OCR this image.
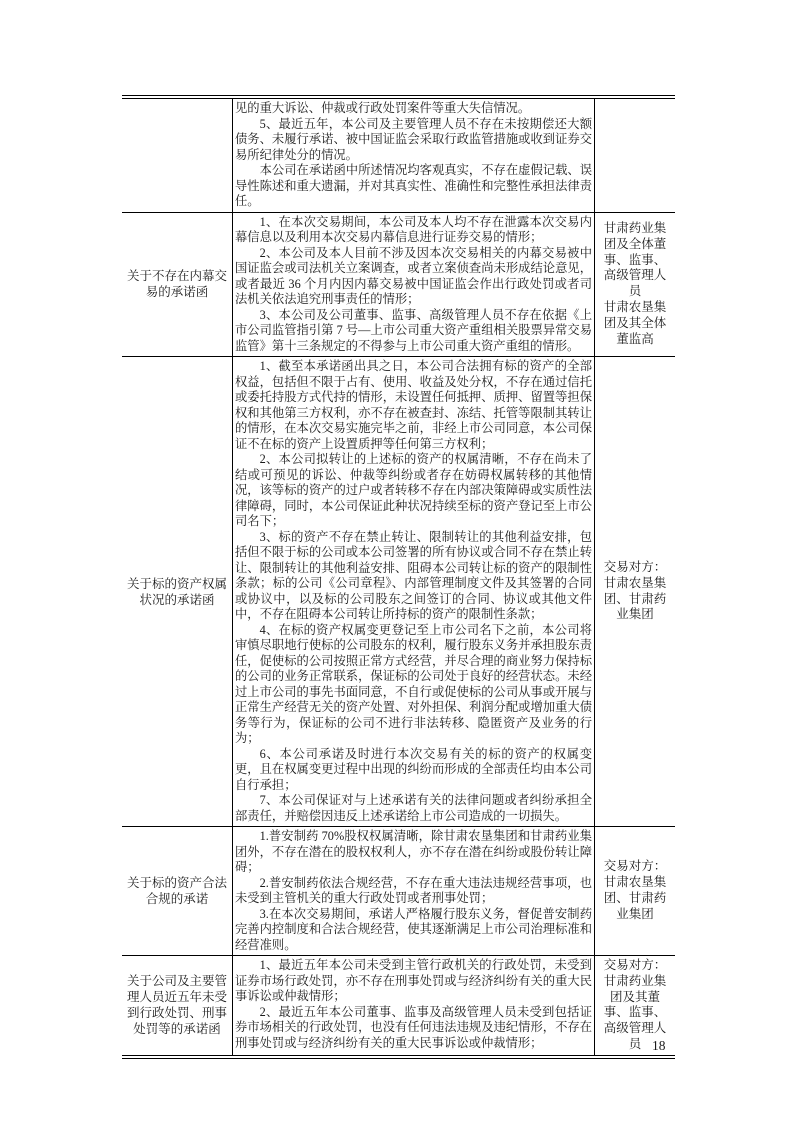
见的重大诉讼、仲裁或行政处罚案件等重大失信情况。
5、最近五年，本公司及主要管理人员不存在未按期偿还大额债务、未履行承诺、被中国证监会采取行政监管措施或收到证券交易所纪律处分的情况。
本公司在承诺函中所述情况均客观真实，不存在虚假记载、误导性陈述和重大遗漏，并对其真实性、准确性和完整性承担法律责任。
关于不存在内幕交
易的承诺函
1、在本次交易期间，本公司及本人均不存在泄露本次交易内幕信息以及利用本次交易内幕信息进行证券交易的情形；
2、本公司及本人目前不涉及因本次交易相关的内幕交易被中国证监会或司法机关立案调查，或者立案侦查尚未形成结论意见，或者最近 36 个月内因内幕交易被中国证监会作出行政处罚或者司法机关依法追究刑事责任的情形；
3、本公司及公司董事、监事、高级管理人员不存在依据《上市公司监管指引第 7 号—上市公司重大资产重组相关股票异常交易监管》第十三条规定的不得参与上市公司重大资产重组的情形。
甘肃药业集
团及全体董
事、监事、
高级管理人
员
甘肃农垦集
团及其全体
董监高
关于标的资产权属
状况的承诺函
1、截至本承诺函出具之日，本公司合法拥有标的资产的全部权益，包括但不限于占有、使用、收益及处分权，不存在通过信托或委托持股方式代持的情形，未设置任何抵押、质押、留置等担保权和其他第三方权利，亦不存在被查封、冻结、托管等限制其转让的情形，在本次交易实施完毕之前，非经上市公司同意，本公司保证不在标的资产上设置质押等任何第三方权利；
2、本公司拟转让的上述标的资产的权属清晰，不存在尚未了结或可预见的诉讼、仲裁等纠纷或者存在妨碍权属转移的其他情况，该等标的资产的过户或者转移不存在内部决策障碍或实质性法律障碍，同时，本公司保证此种状况持续至标的资产登记至上市公司名下；
3、标的资产不存在禁止转让、限制转让的其他利益安排，包括但不限于标的公司或本公司签署的所有协议或合同不存在禁止转让、限制转让的其他利益安排、阻碍本公司转让标的资产的限制性条款；标的公司《公司章程》、内部管理制度文件及其签署的合同或协议中，以及标的公司股东之间签订的合同、协议或其他文件中，不存在阻碍本公司转让所持标的资产的限制性条款；
4、在标的资产权属变更登记至上市公司名下之前，本公司将审慎尽职地行使标的公司股东的权利，履行股东义务并承担股东责任，促使标的公司按照正常方式经营，并尽合理的商业努力保持标的公司的业务正常联系，保证标的公司处于良好的经营状态。未经过上市公司的事先书面同意，不自行或促使标的公司从事或开展与正常生产经营无关的资产处置、对外担保、利润分配或增加重大债务等行为，保证标的公司不进行非法转移、隐匿资产及业务的行为；
6、本公司承诺及时进行本次交易有关的标的资产的权属变更，且在权属变更过程中出现的纠纷而形成的全部责任均由本公司自行承担；
7、本公司保证对与上述承诺有关的法律问题或者纠纷承担全部责任，并赔偿因违反上述承诺给上市公司造成的一切损失。
交易对方：
甘肃农垦集
团、甘肃药
业集团
关于标的资产合法
合规的承诺
1.普安制药 70%股权权属清晰，除甘肃农垦集团和甘肃药业集团外，不存在潜在的股权权利人，亦不存在潜在纠纷或股份转让障碍；
2.普安制药依法合规经营，不存在重大违法违规经营事项，也未受到主管机关的重大行政处罚或者刑事处罚；
3.在本次交易期间，承诺人严格履行股东义务，督促普安制药完善内控制度和合法合规经营，使其逐渐满足上市公司治理标准和经营准则。
交易对方：
甘肃农垦集
团、甘肃药
业集团
关于公司及主要管
理人员近五年未受
到行政处罚、刑事
处罚等的承诺函
1、最近五年本公司未受到主管行政机关的行政处罚，未受到证券市场行政处罚，亦不存在刑事处罚或与经济纠纷有关的重大民事诉讼或仲裁情形；
2、最近五年本公司董事、监事及高级管理人员未受到包括证券市场相关的行政处罚，也没有任何违法违规及违纪情形，不存在刑事处罚或与经济纠纷有关的重大民事诉讼或仲裁情形；
交易对方：
甘肃药业集
团及其董
事、监事、
高级管理人
员 18
